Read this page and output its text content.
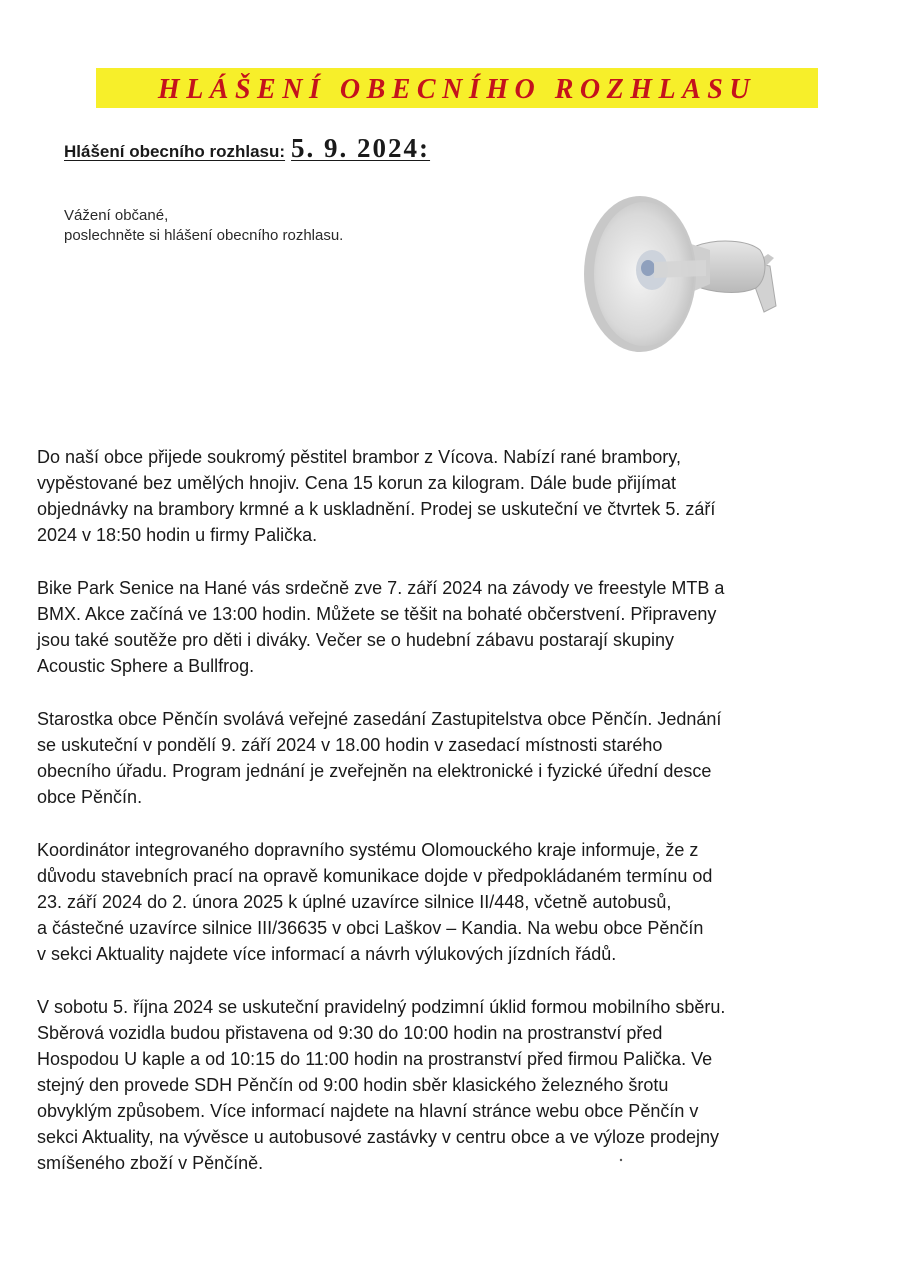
HLÁŠENÍ OBECNÍHO ROZHLASU
Hlášení obecního rozhlasu: 5. 9. 2024:
Vážení občané,
poslechněte si hlášení obecního rozhlasu.

Do naší obce přijede soukromý pěstitel brambor z Vícova. Nabízí rané brambory,
vypěstované bez umělých hnojiv. Cena 15 korun za kilogram. Dále bude přijímat
objednávky na brambory krmné a k uskladnění. Prodej se uskuteční ve čtvrtek 5. září
2024 v 18:50 hodin u firmy Palička.

Bike Park Senice na Hané vás srdečně zve 7. září 2024 na závody ve freestyle MTB a
BMX. Akce začíná ve 13:00 hodin. Můžete se těšit na bohaté občerstvení. Připraveny
jsou také soutěže pro děti i diváky. Večer se o hudební zábavu postarají skupiny
Acoustic Sphere a Bullfrog.

Starostka obce Pěnčín svolává veřejné zasedání Zastupitelstva obce Pěnčín. Jednání
se uskuteční v pondělí 9. září 2024 v 18.00 hodin v zasedací místnosti starého
obecního úřadu. Program jednání je zveřejněn na elektronické i fyzické úřední desce
obce Pěnčín.

Koordinátor integrovaného dopravního systému Olomouckého kraje informuje, že z
důvodu stavebních prací na opravě komunikace dojde v předpokládaném termínu od
23. září 2024 do 2. února 2025 k úplné uzavírce silnice II/448, včetně autobusů,
a částečné uzavírce silnice III/36635 v obci Laškov – Kandia. Na webu obce Pěnčín
v sekci Aktuality najdete více informací a návrh výlukových jízdních řádů.

V sobotu 5. října 2024 se uskuteční pravidelný podzimní úklid formou mobilního sběru.
Sběrová vozidla budou přistavena od 9:30 do 10:00 hodin na prostranství před
Hospodou U kaple a od 10:15 do 11:00 hodin na prostranství před firmou Palička. Ve
stejný den provede SDH Pěnčín od 9:00 hodin sběr klasického železného šrotu
obvyklým způsobem. Více informací najdete na hlavní stránce webu obce Pěnčín v
sekci Aktuality, na vývěsce u autobusové zastávky v centru obce a ve výloze prodejny
smíšeného zboží v Pěnčíně.
